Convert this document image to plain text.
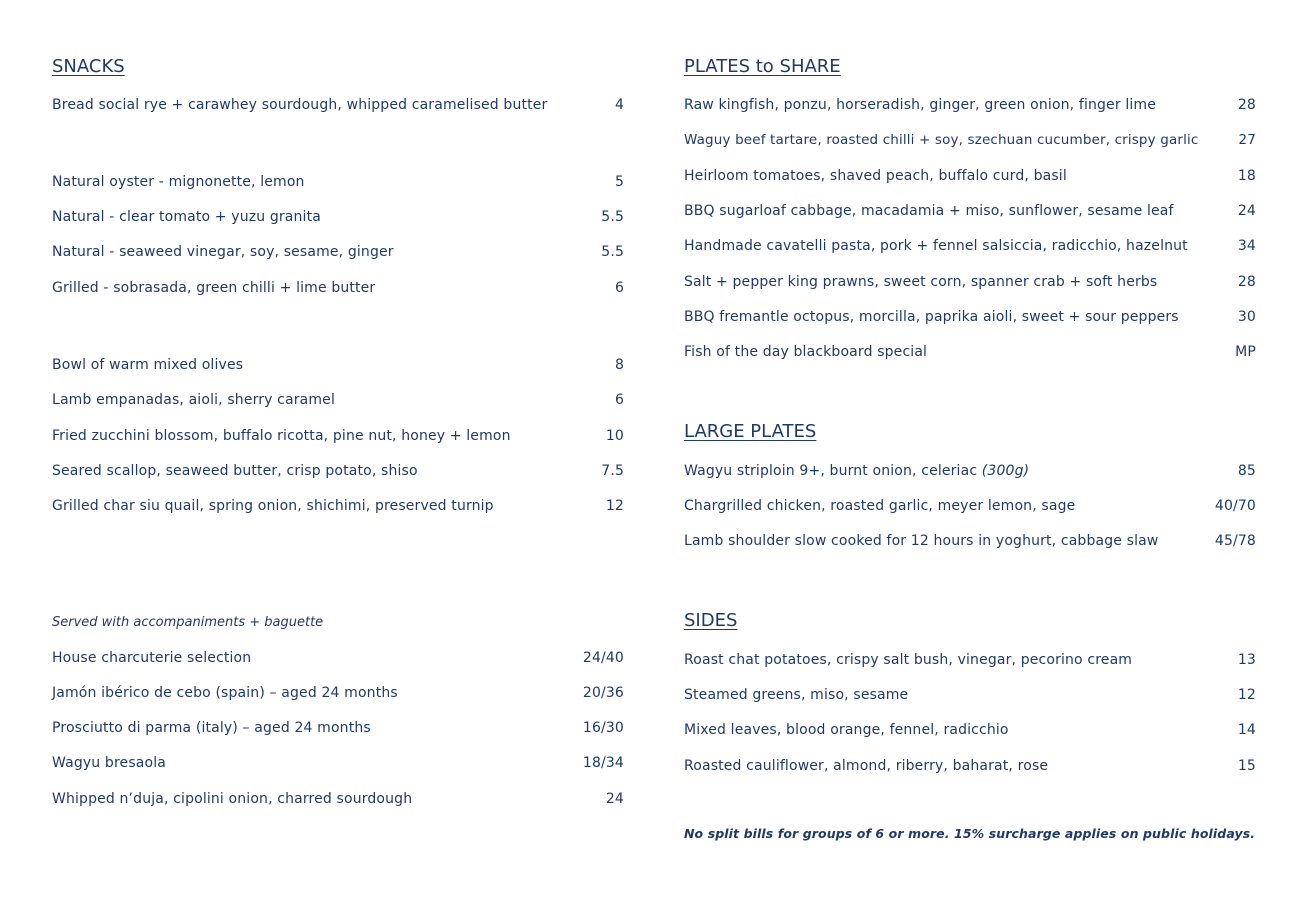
SNACKS
Bread social rye + carawhey sourdough, whipped caramelised butter	4
Natural oyster - mignonette, lemon	5
Natural - clear tomato + yuzu granita	5.5
Natural - seaweed vinegar, soy, sesame, ginger	5.5
Grilled - sobrasada, green chilli + lime butter	6
Bowl of warm mixed olives	8
Lamb empanadas, aioli, sherry caramel	6
Fried zucchini blossom, buffalo ricotta, pine nut, honey + lemon	10
Seared scallop, seaweed butter, crisp potato, shiso	7.5
Grilled char siu quail, spring onion, shichimi, preserved turnip	12
Served with accompaniments + baguette
House charcuterie selection	24/40
Jamón ibérico de cebo (spain) – aged 24 months	20/36
Prosciutto di parma (italy) – aged 24 months	16/30
Wagyu bresaola	18/34
Whipped n’duja, cipolini onion, charred sourdough	24
PLATES to SHARE
Raw kingfish, ponzu, horseradish, ginger, green onion, finger lime	28
Waguy beef tartare, roasted chilli + soy, szechuan cucumber, crispy garlic	27
Heirloom tomatoes, shaved peach, buffalo curd, basil	18
BBQ sugarloaf cabbage, macadamia + miso, sunflower, sesame leaf	24
Handmade cavatelli pasta, pork + fennel salsiccia, radicchio, hazelnut	34
Salt + pepper king prawns, sweet corn, spanner crab + soft herbs	28
BBQ fremantle octopus, morcilla, paprika aioli, sweet + sour peppers	30
Fish of the day blackboard special	MP
LARGE PLATES
Wagyu striploin 9+, burnt onion, celeriac (300g)	85
Chargrilled chicken, roasted garlic, meyer lemon, sage	40/70
Lamb shoulder slow cooked for 12 hours in yoghurt, cabbage slaw	45/78
SIDES
Roast chat potatoes, crispy salt bush, vinegar, pecorino cream	13
Steamed greens, miso, sesame	12
Mixed leaves, blood orange, fennel, radicchio	14
Roasted cauliflower, almond, riberry, baharat, rose	15
No split bills for groups of 6 or more. 15% surcharge applies on public holidays.
